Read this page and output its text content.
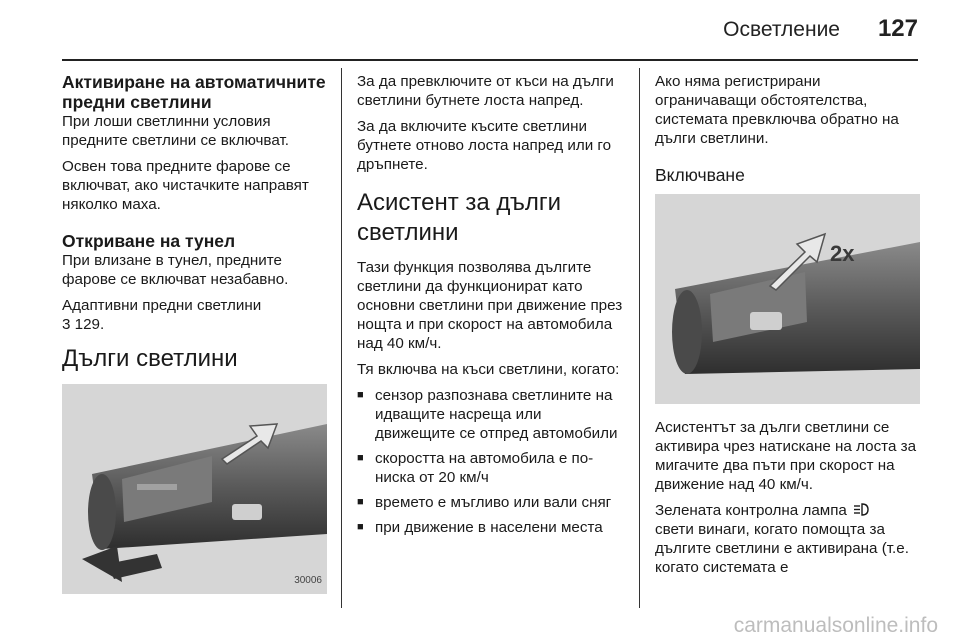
Осветление 127
Активиране на автоматичните предни светлини

При лоши светлинни условия предните светлини се включват.

Освен това предните фарове се включват, ако чистачките направят няколко маха.

Откриване на тунел

При влизане в тунел, предните фарове се включват незабавно.

Адаптивни предни светлини
3 129.

Дълги светлини
30006

За да превключите от къси на дълги светлини бутнете лоста напред.

За да включите късите светлини бутнете отново лоста напред или го дръпнете.

Асистент за дълги светлини

Тази функция позволява дългите светлини да функционират като основни светлини при движение през нощта и при скорост на автомобила над 40 км/ч.

Тя включва на къси светлини, когато:

■ сензор разпознава светлините на идващите насреща или движещите се отпред автомобили
■ скоростта на автомобила е по-ниска от 20 км/ч
■ времето е мъгливо или вали сняг
■ при движение в населени места

Ако няма регистрирани ограничаващи обстоятелства, системата превключва обратно на дълги светлини.

Включване
2x

Асистентът за дълги светлини се активира чрез натискане на лоста за мигачите два пъти при скорост на движение над 40 км/ч.

Зелената контролна лампа
свети винаги, когато помощта за дългите светлини е активирана (т.е. когато системата е

carmanualsonline.info
